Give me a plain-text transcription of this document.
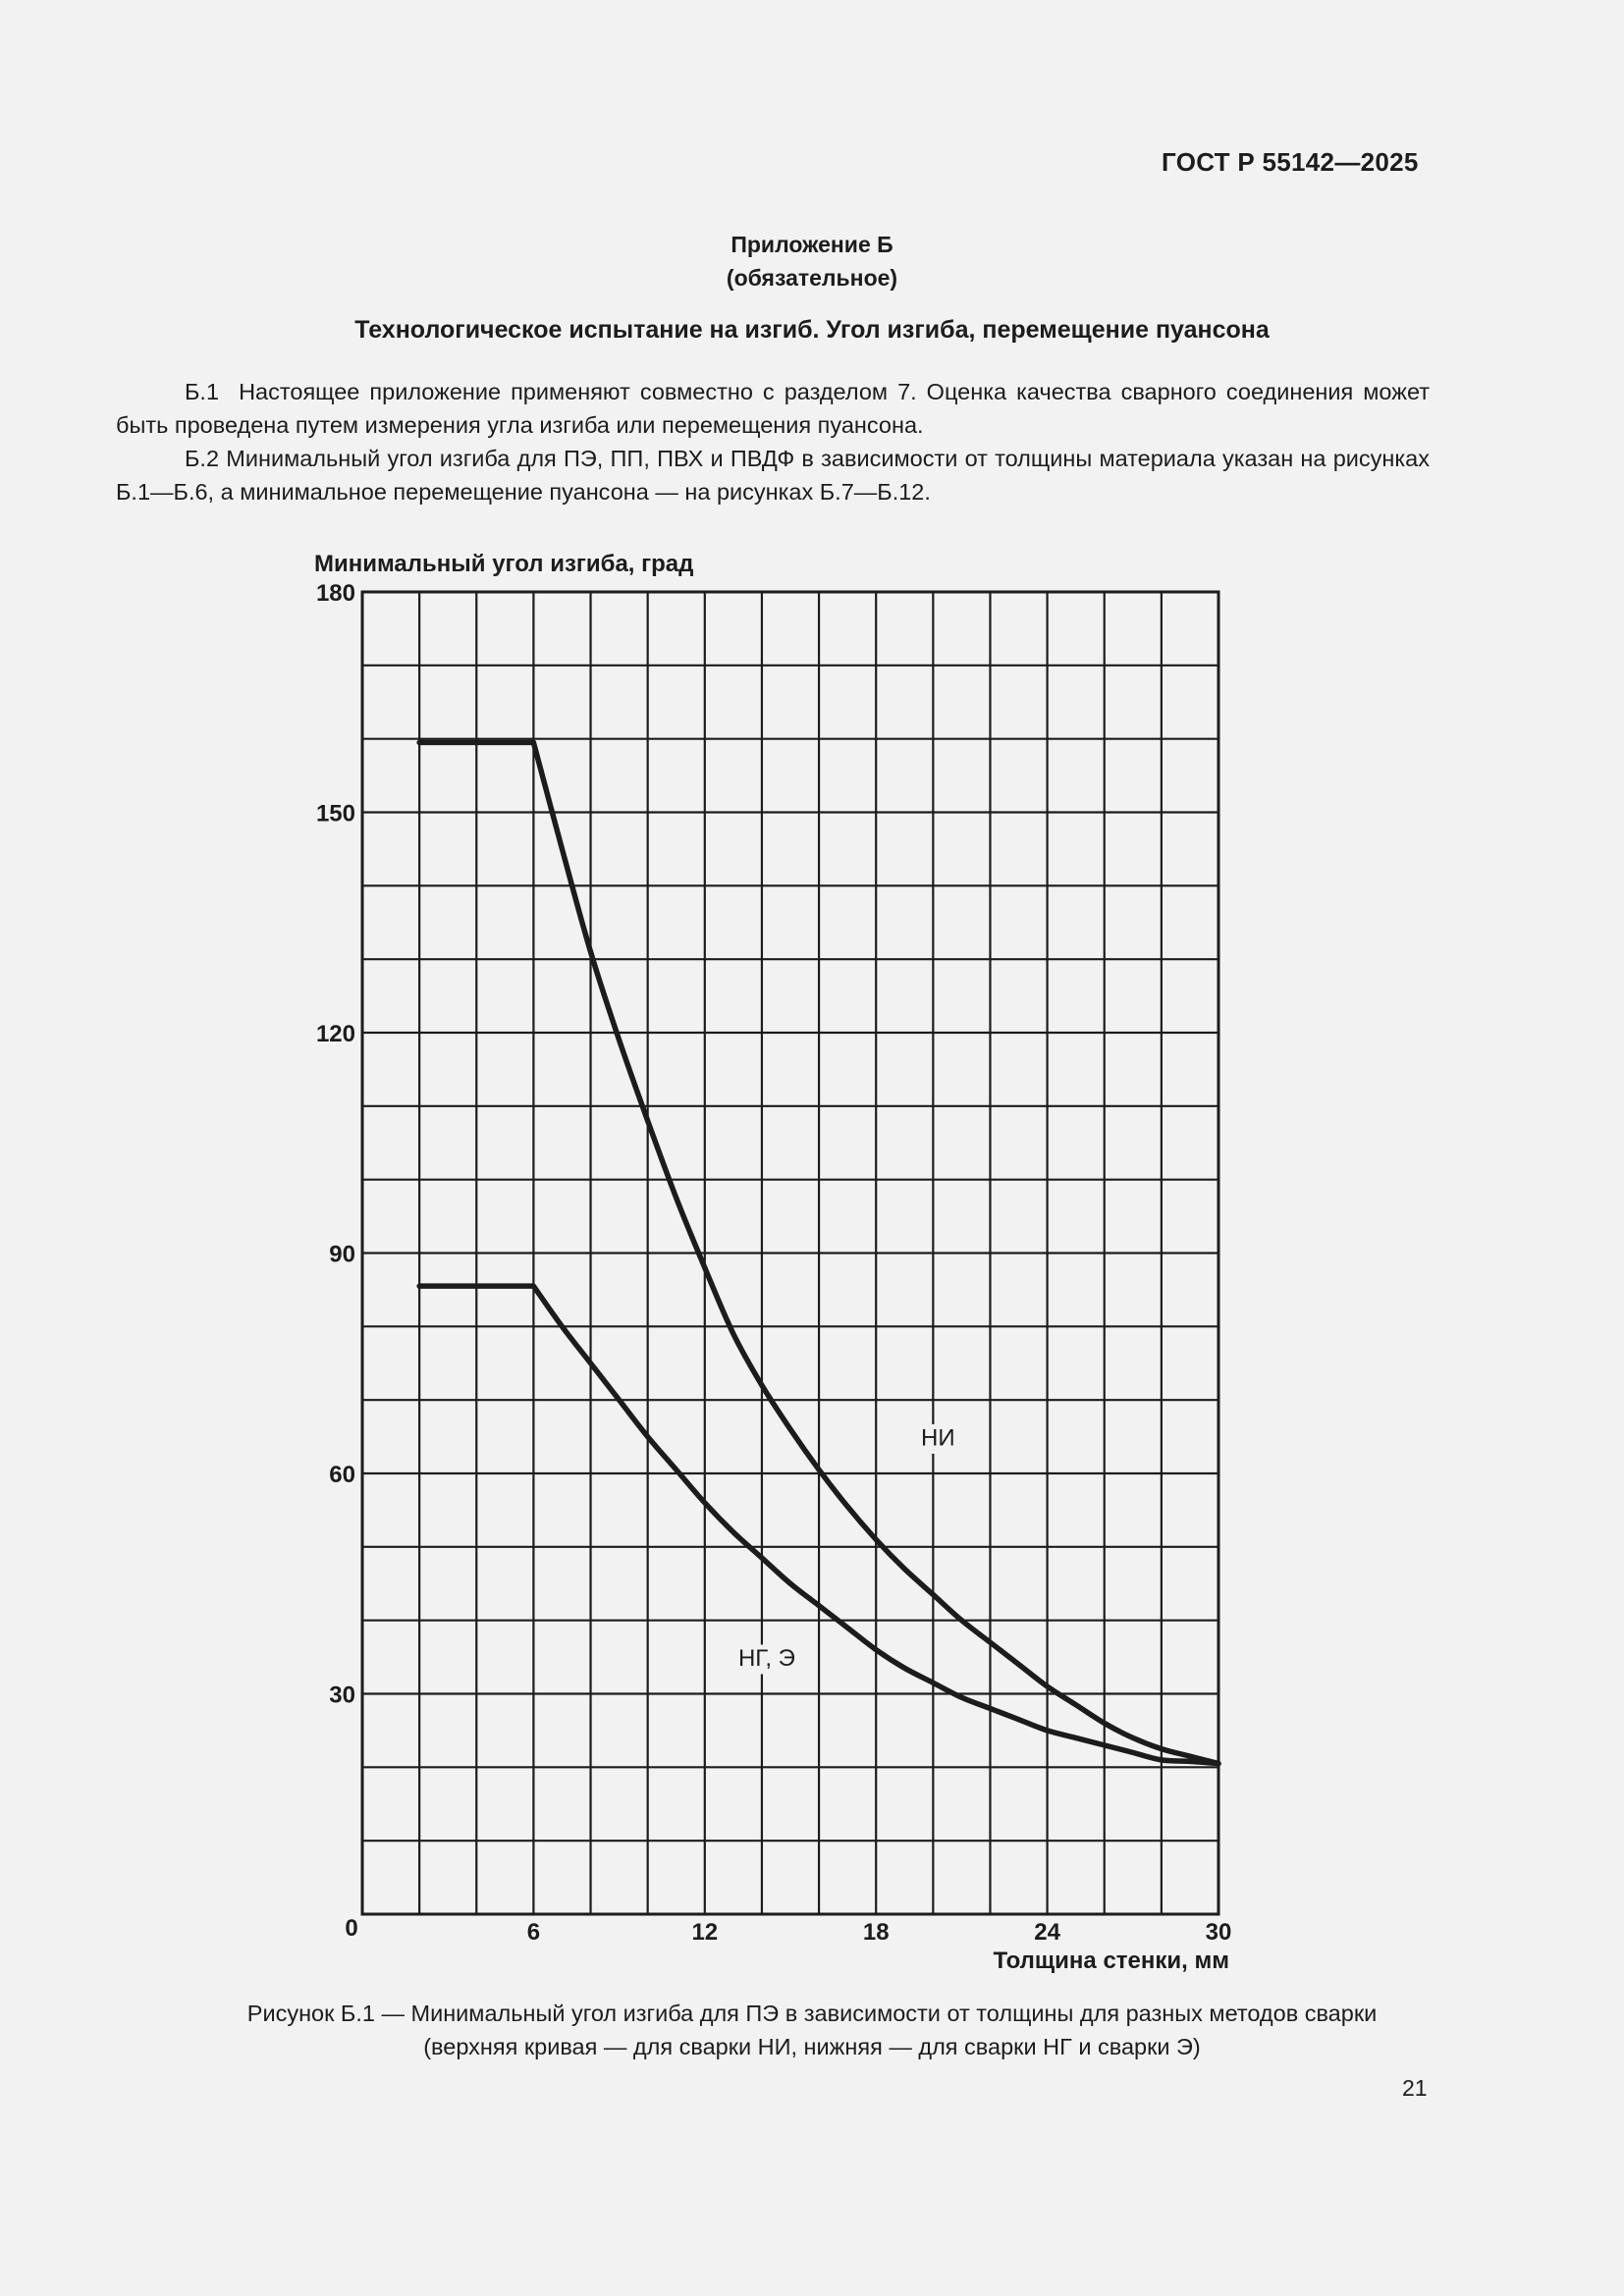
ГОСТ Р 55142—2025
Приложение Б
(обязательное)
Технологическое испытание на изгиб. Угол изгиба, перемещение пуансона

Б.1 Настоящее приложение применяют совместно с разделом 7. Оценка качества сварного соединения может быть проведена путем измерения угла изгиба или перемещения пуансона.

Б.2 Минимальный угол изгиба для ПЭ, ПП, ПВХ и ПВДФ в зависимости от толщины материала указан на рисунках Б.1—Б.6, а минимальное перемещение пуансона — на рисунках Б.7—Б.12.

Минимальный угол изгиба, град
Толщина стенки, мм
30
60
90
120
150
180
0	6	12	18	24	30
НИ
НГ, Э
Рисунок Б.1 — Минимальный угол изгиба для ПЭ в зависимости от толщины для разных методов сварки
(верхняя кривая — для сварки НИ, нижняя — для сварки НГ и сварки Э)
21
